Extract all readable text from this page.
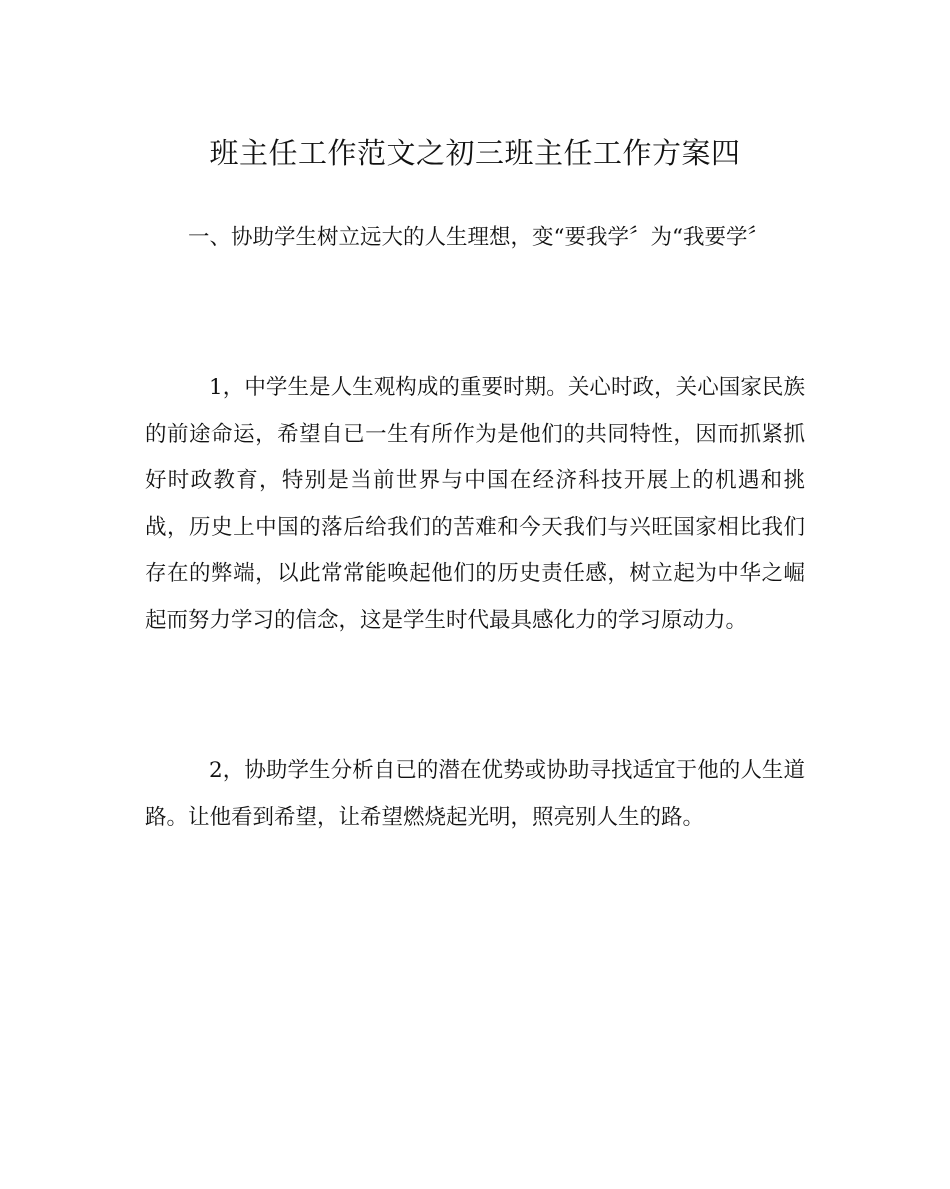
班主任工作范文之初三班主任工作方案四
一、协助学生树立远大的人生理想，变“要我学〞为“我要学〞

1，中学生是人生观构成的重要时期。关心时政，关心国家民族的前途命运，希望自已一生有所作为是他们的共同特性，因而抓紧抓好时政教育，特别是当前世界与中国在经济科技开展上的机遇和挑战，历史上中国的落后给我们的苦难和今天我们与兴旺国家相比我们存在的弊端，以此常常能唤起他们的历史责任感，树立起为中华之崛起而努力学习的信念，这是学生时代最具感化力的学习原动力。

2，协助学生分析自已的潜在优势或协助寻找适宜于他的人生道路。让他看到希望，让希望燃烧起光明，照亮别人生的路。
